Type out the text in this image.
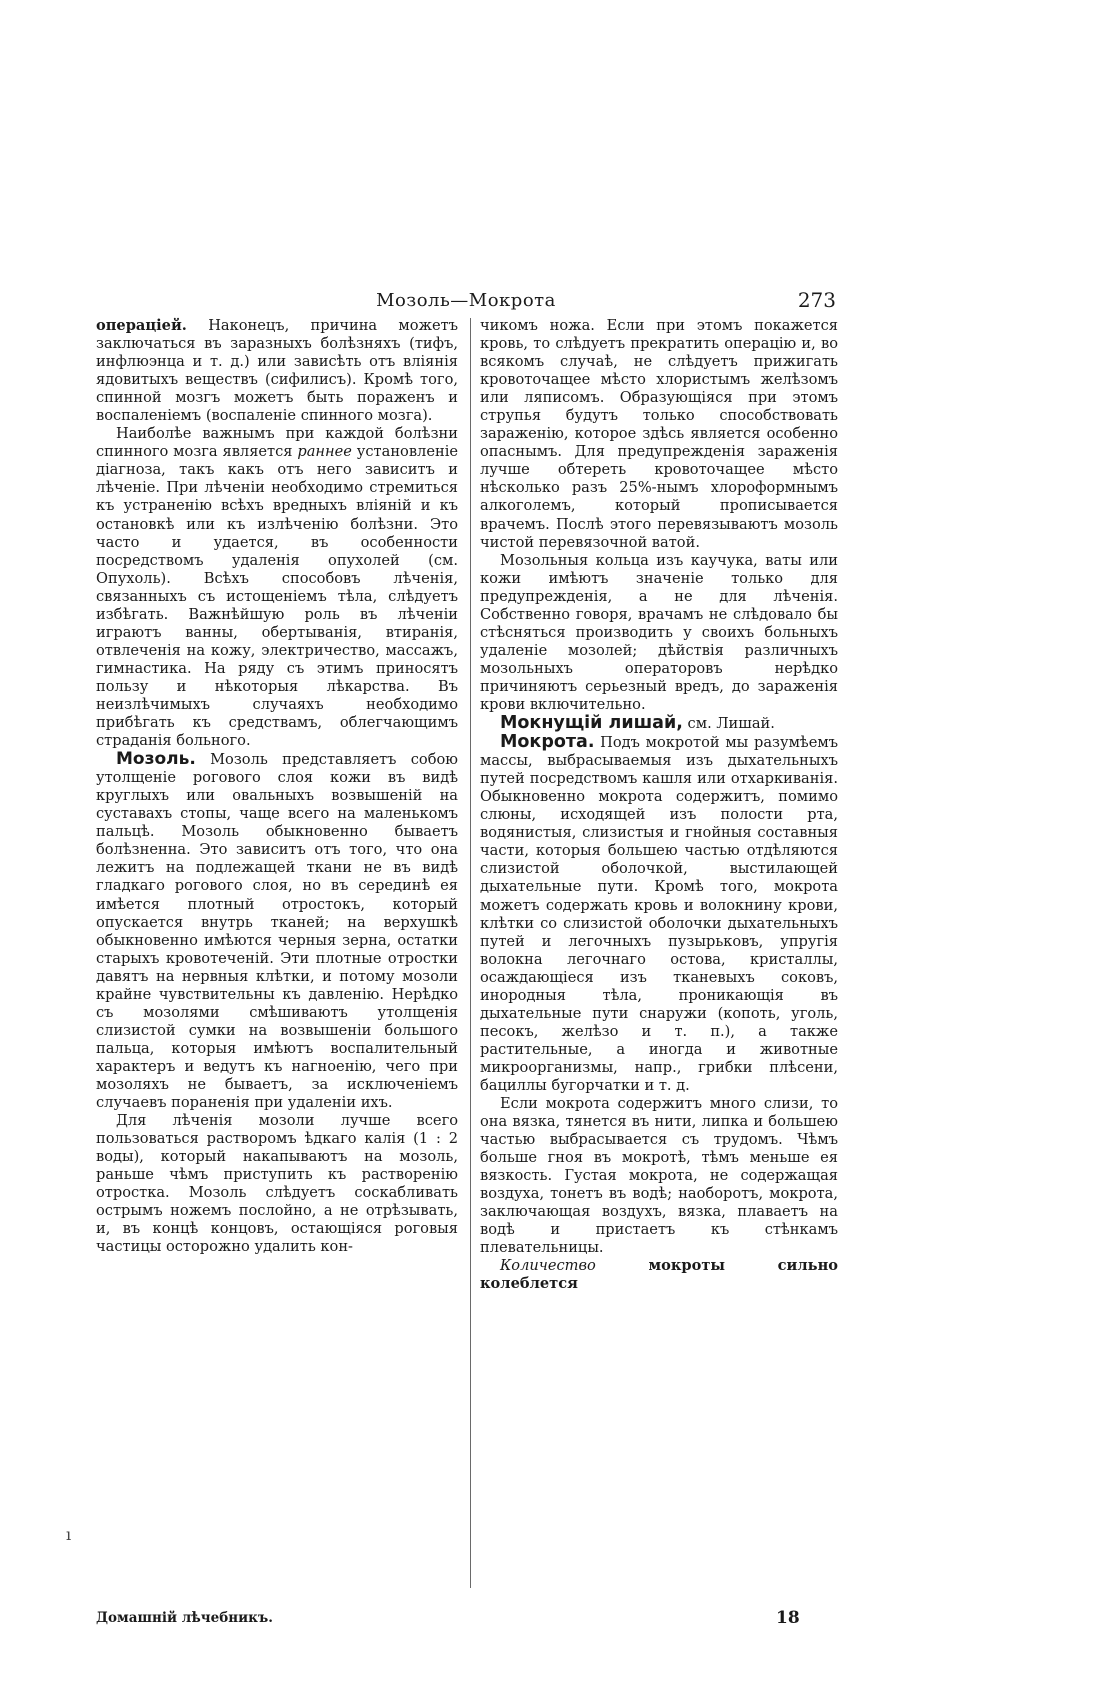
Мозоль—Мокрота	273

операціей. Наконецъ, причина можетъ заключаться въ заразныхъ болѣзняхъ (тифъ, инфлюэнца и т. д.) или зависѣть отъ вліянія ядовитыхъ веществъ (сифилисъ). Кромѣ того, спинной мозгъ можетъ быть пораженъ и воспаленіемъ (воспаленіе спинного мозга).

Наиболѣе важнымъ при каждой болѣзни спинного мозга является раннее установленіе діагноза, такъ какъ отъ него зависитъ и лѣченіе. При лѣченіи необходимо стремиться къ устраненію всѣхъ вредныхъ вліяній и къ остановкѣ или къ излѣченію болѣзни. Это часто и удается, въ особенности посредствомъ удаленія опухолей (см. Опухоль). Всѣхъ способовъ лѣченія, связанныхъ съ истощеніемъ тѣла, слѣдуетъ избѣгать. Важнѣйшую роль въ лѣченіи играютъ ванны, обертыванія, втиранія, отвлеченія на кожу, электричество, массажъ, гимнастика. На ряду съ этимъ приносятъ пользу и нѣкоторыя лѣкарства. Въ неизлѣчимыхъ случаяхъ необходимо прибѣгать къ средствамъ, облегчающимъ страданія больного.

Мозоль. Мозоль представляетъ собою утолщеніе рогового слоя кожи въ видѣ круглыхъ или овальныхъ возвышеній на суставахъ стопы, чаще всего на маленькомъ пальцѣ. Мозоль обыкновенно бываетъ болѣзненна. Это зависитъ отъ того, что она лежитъ на подлежащей ткани не въ видѣ гладкаго рогового слоя, но въ серединѣ ея имѣется плотный отростокъ, который опускается внутрь тканей; на верхушкѣ обыкновенно имѣются черныя зерна, остатки старыхъ кровотеченій. Эти плотные отростки давятъ на нервныя клѣтки, и потому мозоли крайне чувствительны къ давленію. Нерѣдко съ мозолями смѣшиваютъ утолщенія слизистой сумки на возвышеніи большого пальца, которыя имѣютъ воспалительный характеръ и ведутъ къ нагноенію, чего при мозоляхъ не бываетъ, за исключеніемъ случаевъ пораненія при удаленіи ихъ.

Для лѣченія мозоли лучше всего пользоваться растворомъ ѣдкаго калія (1 : 2 воды), который накапываютъ на мозоль, раньше чѣмъ приступить къ растворенію отростка. Мозоль слѣдуетъ соскабливать острымъ ножемъ послойно, а не отрѣзывать, и, въ концѣ концовъ, остающіяся роговыя частицы осторожно удалить кон-

чикомъ ножа. Если при этомъ покажется кровь, то слѣдуетъ прекратить операцію и, во всякомъ случаѣ, не слѣдуетъ прижигать кровоточащее мѣсто хлористымъ желѣзомъ или ляписомъ. Образующіяся при этомъ струпья будутъ только способствовать зараженію, которое здѣсь является особенно опаснымъ. Для предупрежденія зараженія лучше обтереть кровоточащее мѣсто нѣсколько разъ 25%-нымъ хлороформнымъ алкоголемъ, который прописывается врачемъ. Послѣ этого перевязываютъ мозоль чистой перевязочной ватой.

Мозольныя кольца изъ каучука, ваты или кожи имѣютъ значеніе только для предупрежденія, а не для лѣченія. Собственно говоря, врачамъ не слѣдовало бы стѣсняться производить у своихъ больныхъ удаленіе мозолей; дѣйствія различныхъ мозольныхъ операторовъ нерѣдко причиняютъ серьезный вредъ, до зараженія крови включительно.

Мокнущій лишай, см. Лишай.

Мокрота. Подъ мокротой мы разумѣемъ массы, выбрасываемыя изъ дыхательныхъ путей посредствомъ кашля или отхаркиванія. Обыкновенно мокрота содержитъ, помимо слюны, исходящей изъ полости рта, водянистыя, слизистыя и гнойныя составныя части, которыя большею частью отдѣляются слизистой оболочкой, выстилающей дыхательные пути. Кромѣ того, мокрота можетъ содержать кровь и волокнину крови, клѣтки со слизистой оболочки дыхательныхъ путей и легочныхъ пузырьковъ, упругія волокна легочнаго остова, кристаллы, осаждающіеся изъ тканевыхъ соковъ, инородныя тѣла, проникающія въ дыхательные пути снаружи (копоть, уголь, песокъ, желѣзо и т. п.), а также растительные, а иногда и животные микроорганизмы, напр., грибки плѣсени, бациллы бугорчатки и т. д.

Если мокрота содержитъ много слизи, то она вязка, тянется въ нити, липка и большею частью выбрасывается съ трудомъ. Чѣмъ больше гноя въ мокротѣ, тѣмъ меньше ея вязкость. Густая мокрота, не содержащая воздуха, тонетъ въ водѣ; наоборотъ, мокрота, заключающая воздухъ, вязка, плаваетъ на водѣ и пристаетъ къ стѣнкамъ плевательницы.

Количество мокроты сильно колеблется

Домашній лѣчебникъ.	18
ı
